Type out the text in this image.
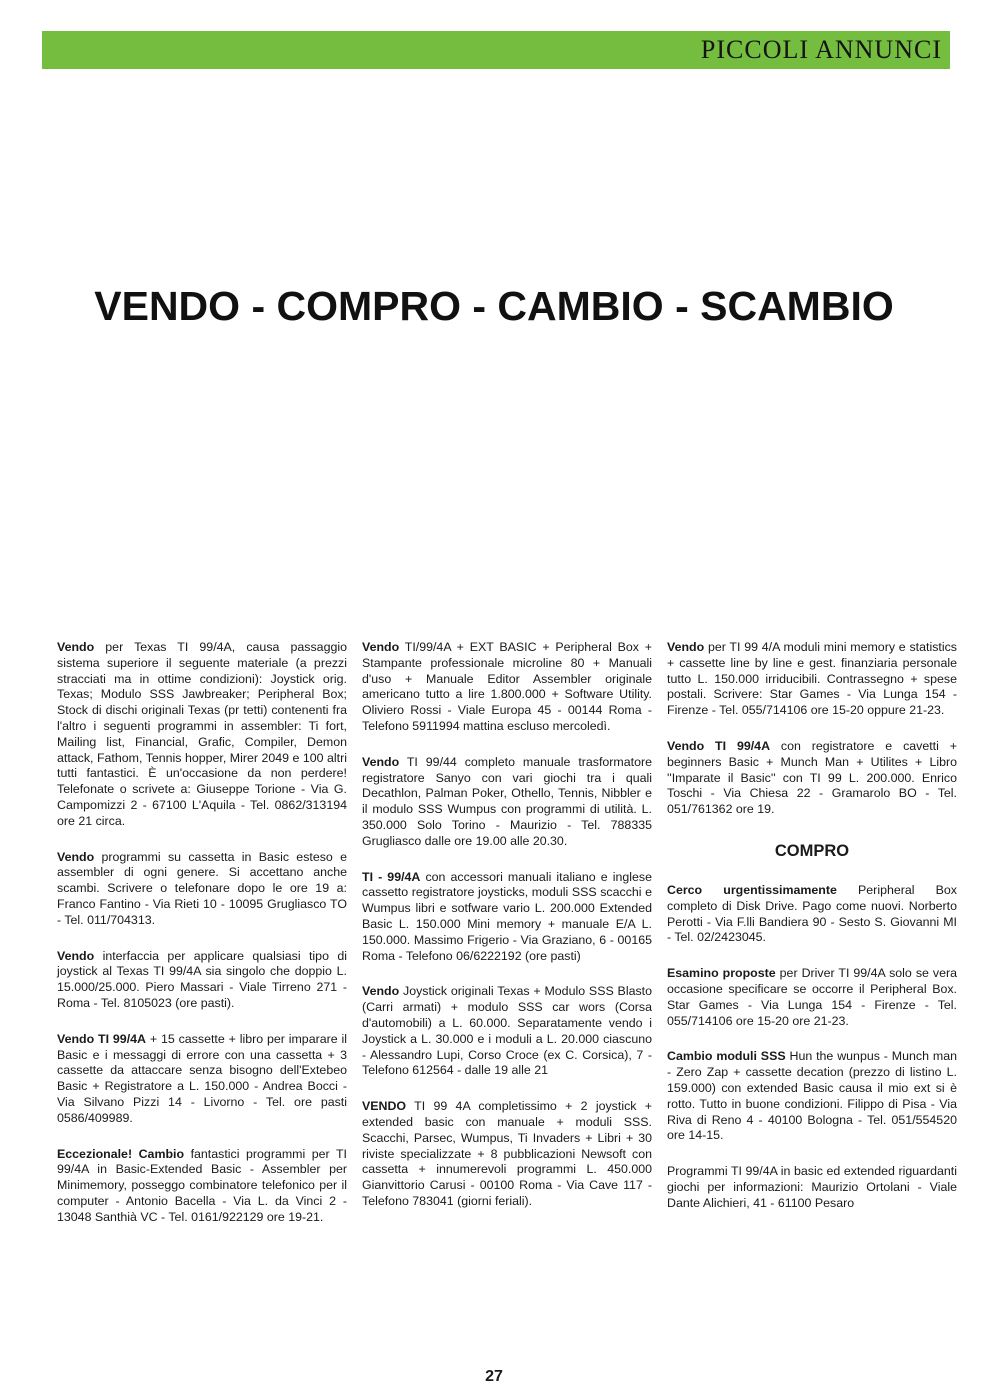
PICCOLI ANNUNCI
VENDO - COMPRO - CAMBIO - SCAMBIO

Vendo per Texas TI 99/4A, causa passaggio sistema superiore il seguente materiale (a prezzi stracciati ma in ottime condizioni): Joystick orig. Texas; Modulo SSS Jawbreaker; Peripheral Box; Stock di dischi originali Texas (pr tetti) contenenti fra l'altro i seguenti programmi in assembler: Ti fort, Mailing list, Financial, Grafic, Compiler, Demon attack, Fathom, Tennis hopper, Mirer 2049 e 100 altri tutti fantastici. È un'occasione da non perdere! Telefonate o scrivete a: Giuseppe Torione - Via G. Campomizzi 2 - 67100 L'Aquila - Tel. 0862/313194 ore 21 circa.

Vendo programmi su cassetta in Basic esteso e assembler di ogni genere. Si accettano anche scambi. Scrivere o telefonare dopo le ore 19 a: Franco Fantino - Via Rieti 10 - 10095 Grugliasco TO - Tel. 011/704313.

Vendo interfaccia per applicare qualsiasi tipo di joystick al Texas TI 99/4A sia singolo che doppio L. 15.000/25.000. Piero Massari - Viale Tirreno 271 - Roma - Tel. 8105023 (ore pasti).

Vendo TI 99/4A + 15 cassette + libro per imparare il Basic e i messaggi di errore con una cassetta + 3 cassette da attaccare senza bisogno dell'Extebeo Basic + Registratore a L. 150.000 - Andrea Bocci - Via Silvano Pizzi 14 - Livorno - Tel. ore pasti 0586/409989.

Eccezionale! Cambio fantastici programmi per TI 99/4A in Basic-Extended Basic - Assembler per Minimemory, posseggo combinatore telefonico per il computer - Antonio Bacella - Via L. da Vinci 2 - 13048 Santhià VC - Tel. 0161/922129 ore 19-21.

Vendo TI/99/4A + EXT BASIC + Peripheral Box + Stampante professionale microline 80 + Manuali d'uso + Manuale Editor Assembler originale americano tutto a lire 1.800.000 + Software Utility. Oliviero Rossi - Viale Europa 45 - 00144 Roma - Telefono 5911994 mattina escluso mercoledì.

Vendo TI 99/44 completo manuale trasformatore registratore Sanyo con vari giochi tra i quali Decathlon, Palman Poker, Othello, Tennis, Nibbler e il modulo SSS Wumpus con programmi di utilità. L. 350.000 Solo Torino - Maurizio - Tel. 788335 Grugliasco dalle ore 19.00 alle 20.30.

TI - 99/4A con accessori manuali italiano e inglese cassetto registratore joysticks, moduli SSS scacchi e Wumpus libri e sotfware vario L. 200.000 Extended Basic L. 150.000 Mini memory + manuale E/A L. 150.000. Massimo Frigerio - Via Graziano, 6 - 00165 Roma - Telefono 06/6222192 (ore pasti)

Vendo Joystick originali Texas + Modulo SSS Blasto (Carri armati) + modulo SSS car wors (Corsa d'automobili) a L. 60.000. Separatamente vendo i Joystick a L. 30.000 e i moduli a L. 20.000 ciascuno - Alessandro Lupi, Corso Croce (ex C. Corsica), 7 - Telefono 612564 - dalle 19 alle 21

VENDO TI 99 4A completissimo + 2 joystick + extended basic con manuale + moduli SSS. Scacchi, Parsec, Wumpus, Ti Invaders + Libri + 30 riviste specializzate + 8 pubblicazioni Newsoft con cassetta + innumerevoli programmi L. 450.000 Gianvittorio Carusi - 00100 Roma - Via Cave 117 - Telefono 783041 (giorni feriali).

Vendo per TI 99 4/A moduli mini memory e statistics + cassette line by line e gest. finanziaria personale tutto L. 150.000 irriducibili. Contrassegno + spese postali. Scrivere: Star Games - Via Lunga 154 - Firenze - Tel. 055/714106 ore 15-20 oppure 21-23.

Vendo TI 99/4A con registratore e cavetti + beginners Basic + Munch Man + Utilites + Libro ''Imparate il Basic'' con TI 99 L. 200.000. Enrico Toschi - Via Chiesa 22 - Gramarolo BO - Tel. 051/761362 ore 19.

COMPRO

Cerco urgentissimamente Peripheral Box completo di Disk Drive. Pago come nuovi. Norberto Perotti - Via F.lli Bandiera 90 - Sesto S. Giovanni MI - Tel. 02/2423045.

Esamino proposte per Driver TI 99/4A solo se vera occasione specificare se occorre il Peripheral Box. Star Games - Via Lunga 154 - Firenze - Tel. 055/714106 ore 15-20 ore 21-23.

Cambio moduli SSS Hun the wunpus - Munch man - Zero Zap + cassette decation (prezzo di listino L. 159.000) con extended Basic causa il mio ext si è rotto. Tutto in buone condizioni. Filippo di Pisa - Via Riva di Reno 4 - 40100 Bologna - Tel. 051/554520 ore 14-15.

Programmi TI 99/4A in basic ed extended riguardanti giochi per informazioni: Maurizio Ortolani - Viale Dante Alichieri, 41 - 61100 Pesaro

27
